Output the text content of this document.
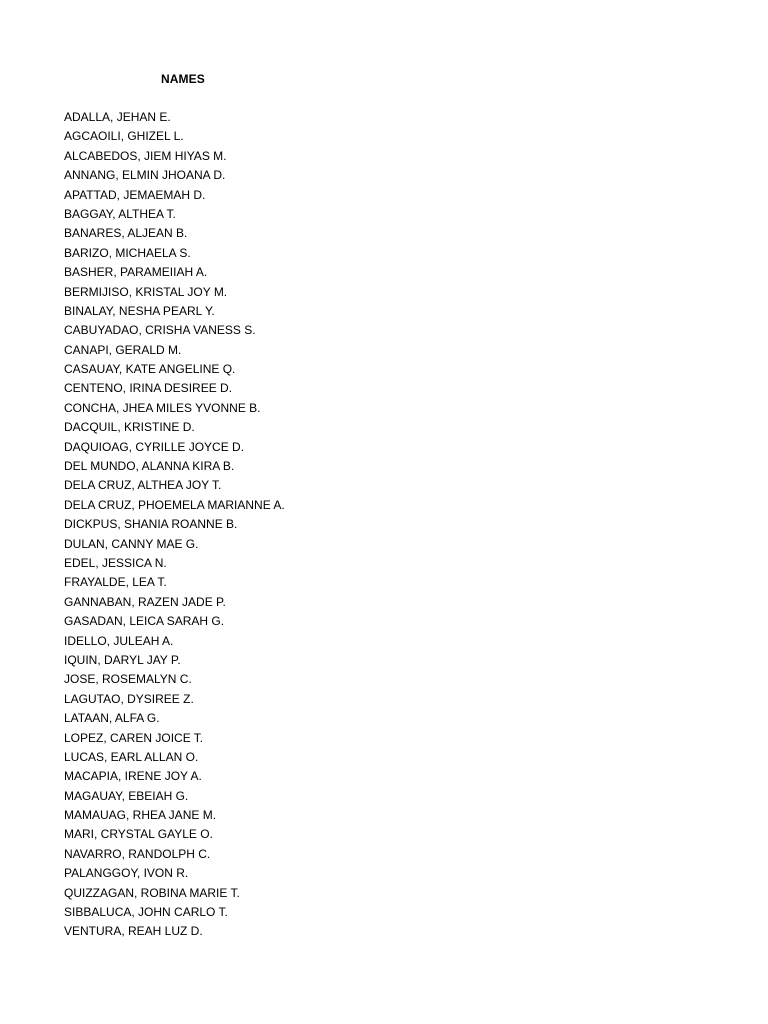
NAMES
ADALLA, JEHAN E.
AGCAOILI, GHIZEL L.
ALCABEDOS, JIEM HIYAS M.
ANNANG, ELMIN JHOANA D.
APATTAD, JEMAEMAH D.
BAGGAY, ALTHEA T.
BANARES, ALJEAN B.
BARIZO, MICHAELA S.
BASHER, PARAMEIIAH A.
BERMIJISO, KRISTAL JOY M.
BINALAY, NESHA PEARL Y.
CABUYADAO, CRISHA VANESS S.
CANAPI, GERALD M.
CASAUAY, KATE ANGELINE Q.
CENTENO, IRINA DESIREE D.
CONCHA, JHEA MILES YVONNE B.
DACQUIL, KRISTINE D.
DAQUIOAG, CYRILLE JOYCE D.
DEL MUNDO, ALANNA KIRA B.
DELA CRUZ, ALTHEA JOY T.
DELA CRUZ, PHOEMELA MARIANNE A.
DICKPUS, SHANIA ROANNE B.
DULAN, CANNY MAE G.
EDEL, JESSICA N.
FRAYALDE, LEA T.
GANNABAN, RAZEN JADE P.
GASADAN, LEICA SARAH G.
IDELLO, JULEAH A.
IQUIN, DARYL JAY P.
JOSE, ROSEMALYN C.
LAGUTAO, DYSIREE Z.
LATAAN, ALFA G.
LOPEZ, CAREN JOICE T.
LUCAS, EARL ALLAN O.
MACAPIA, IRENE JOY A.
MAGAUAY, EBEIAH G.
MAMAUAG, RHEA JANE M.
MARI, CRYSTAL GAYLE O.
NAVARRO, RANDOLPH C.
PALANGGOY, IVON R.
QUIZZAGAN, ROBINA MARIE T.
SIBBALUCA, JOHN CARLO T.
VENTURA, REAH LUZ D.
